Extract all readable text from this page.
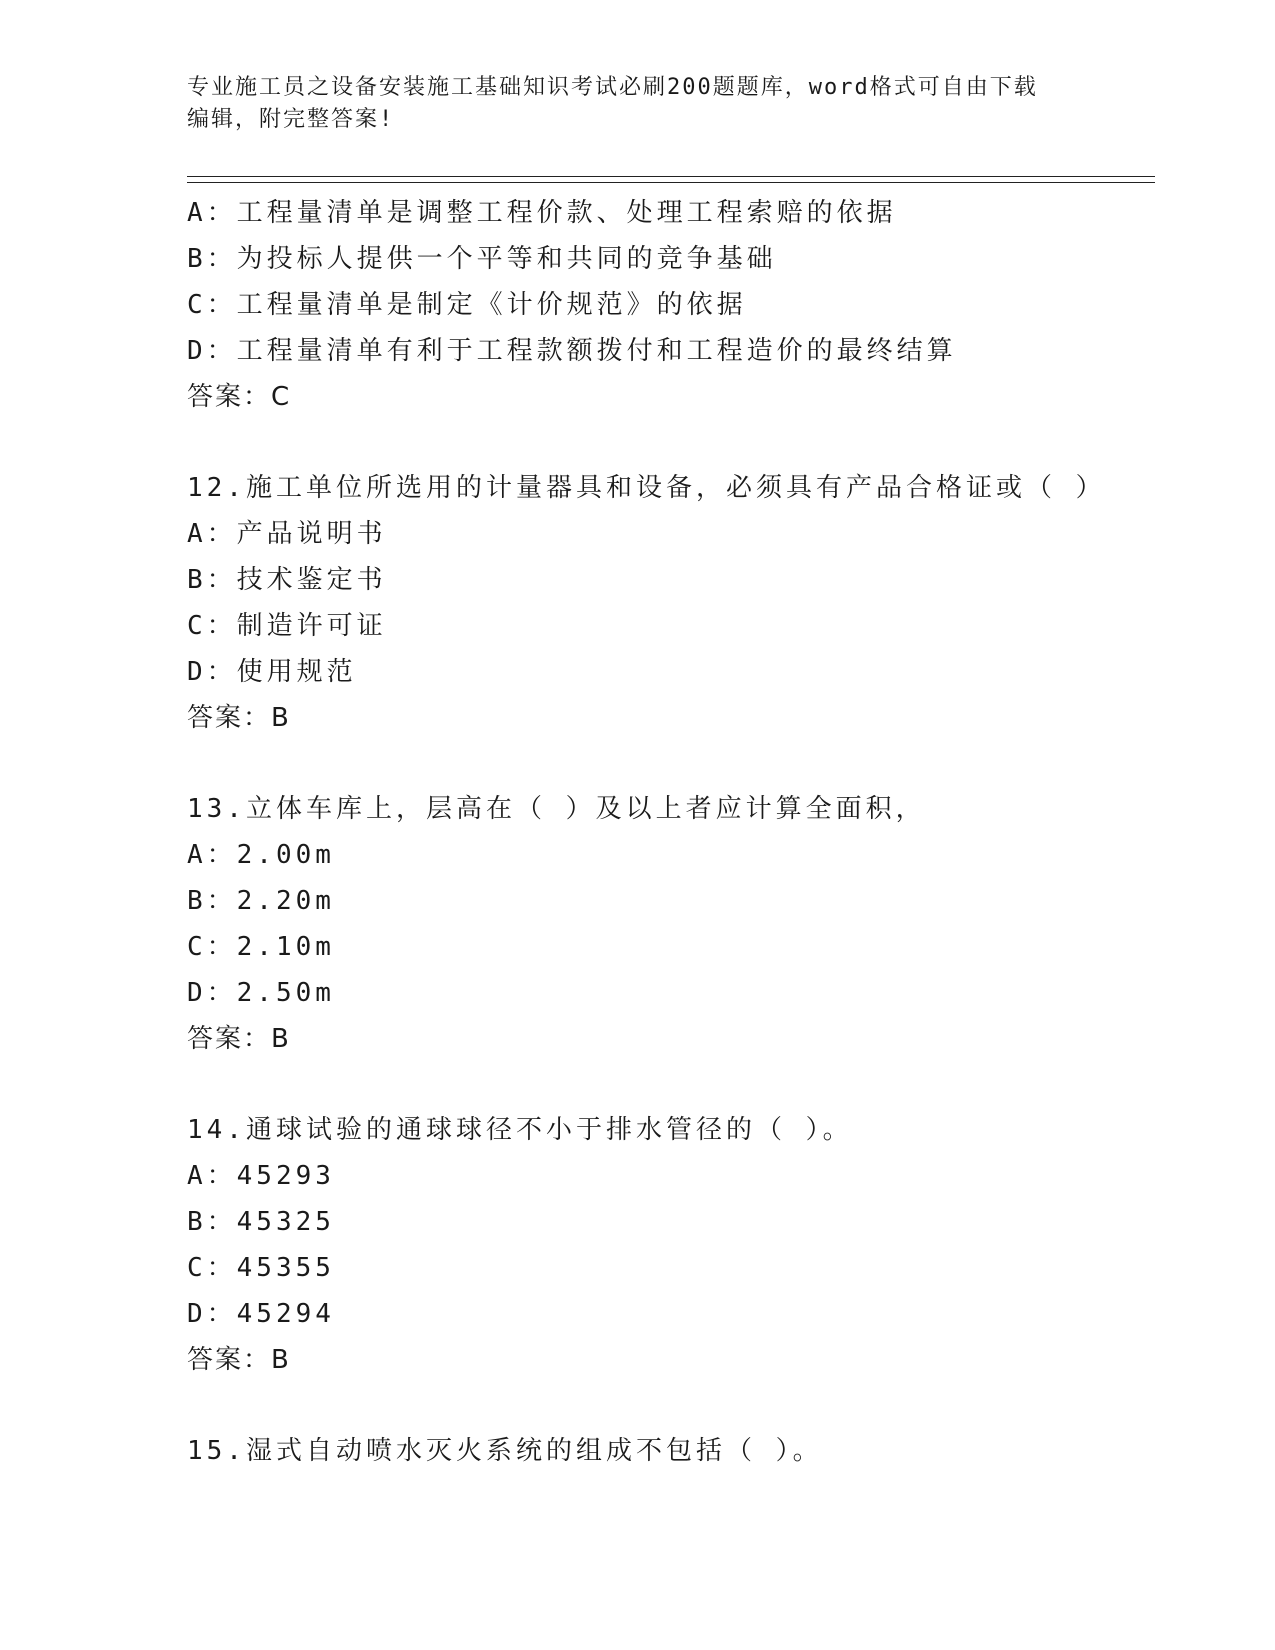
专业施工员之设备安装施工基础知识考试必刷200题题库，word格式可自由下载
编辑，附完整答案!
A：工程量清单是调整工程价款、处理工程索赔的依据
B：为投标人提供一个平等和共同的竞争基础
C：工程量清单是制定《计价规范》的依据
D：工程量清单有利于工程款额拨付和工程造价的最终结算
答案：C
12.施工单位所选用的计量器具和设备，必须具有产品合格证或（ ）
A：产品说明书
B：技术鉴定书
C：制造许可证
D：使用规范
答案：B
13.立体车库上，层高在（ ）及以上者应计算全面积，
A：2.00m
B：2.20m
C：2.10m
D：2.50m
答案：B
14.通球试验的通球球径不小于排水管径的（ ）。
A：45293
B：45325
C：45355
D：45294
答案：B
15.湿式自动喷水灭火系统的组成不包括（ ）。
